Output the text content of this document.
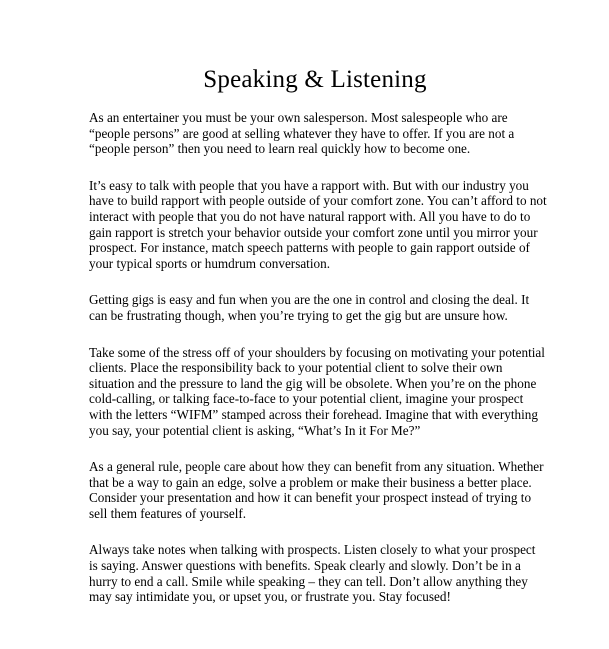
Speaking & Listening

As an entertainer you must be your own salesperson. Most salespeople who are “people persons” are good at selling whatever they have to offer. If you are not a “people person” then you need to learn real quickly how to become one.

It’s easy to talk with people that you have a rapport with. But with our industry you have to build rapport with people outside of your comfort zone. You can’t afford to not interact with people that you do not have natural rapport with. All you have to do to gain rapport is stretch your behavior outside your comfort zone until you mirror your prospect. For instance, match speech patterns with people to gain rapport outside of your typical sports or humdrum conversation.

Getting gigs is easy and fun when you are the one in control and closing the deal. It can be frustrating though, when you’re trying to get the gig but are unsure how.

Take some of the stress off of your shoulders by focusing on motivating your potential clients. Place the responsibility back to your potential client to solve their own situation and the pressure to land the gig will be obsolete. When you’re on the phone cold-calling, or talking face-to-face to your potential client, imagine your prospect with the letters “WIFM” stamped across their forehead. Imagine that with everything you say, your potential client is asking, “What’s In it For Me?”

As a general rule, people care about how they can benefit from any situation. Whether that be a way to gain an edge, solve a problem or make their business a better place. Consider your presentation and how it can benefit your prospect instead of trying to sell them features of yourself.

Always take notes when talking with prospects. Listen closely to what your prospect is saying. Answer questions with benefits. Speak clearly and slowly. Don’t be in a hurry to end a call. Smile while speaking – they can tell. Don’t allow anything they may say intimidate you, or upset you, or frustrate you. Stay focused!
